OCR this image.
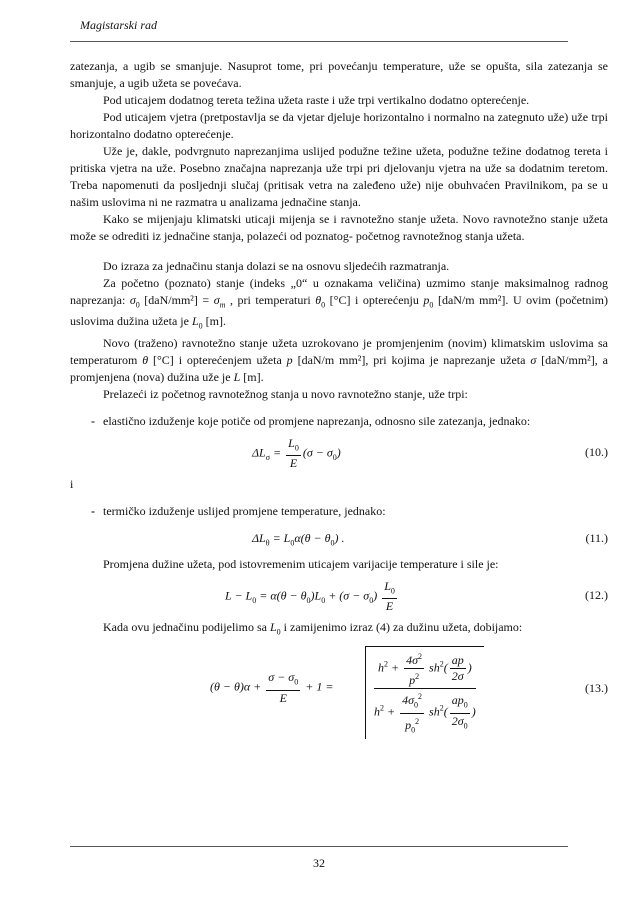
Magistarski rad

zatezanja, a ugib se smanjuje. Nasuprot tome, pri povećanju temperature, uže se opušta, sila zatezanja se smanjuje, a ugib užeta se povećava.

Pod uticajem dodatnog tereta težina užeta raste i uže trpi vertikalno dodatno opterećenje.

Pod uticajem vjetra (pretpostavlja se da vjetar djeluje horizontalno i normalno na zategnuto uže) uže trpi horizontalno dodatno opterećenje.

Uže je, dakle, podvrgnuto naprezanjima uslijed podužne težine užeta, podužne težine dodatnog tereta i pritiska vjetra na uže. Posebno značajna naprezanja uže trpi pri djelovanju vjetra na uže sa dodatnim teretom. Treba napomenuti da posljednji slučaj (pritisak vetra na zaleđeno uže) nije obuhvaćen Pravilnikom, pa se u našim uslovima ni ne razmatra u analizama jednačine stanja.

Kako se mijenjaju klimatski uticaji mijenja se i ravnotežno stanje užeta. Novo ravnotežno stanje užeta može se odrediti iz jednačine stanja, polazeći od poznatog- početnog ravnotežnog stanja užeta.

Do izraza za jednačinu stanja dolazi se na osnovu sljedećih razmatranja.

Za početno (poznato) stanje (indeks „0“ u oznakama veličina) uzmimo stanje maksimalnog radnog naprezanja: $\sigma_0$ $[daN/mm^2] = \sigma_m$ , pri temperaturi $\theta_0$ [°C] i opterećenju $p_0$ [daN/m mm²]. U ovim (početnim) uslovima dužina užeta je $L_0$ [m].

Novo (traženo) ravnotežno stanje užeta uzrokovano je promjenjenim (novim) klimatskim uslovima sa temperaturom θ [°C] i opterećenjem užeta p [daN/m mm²], pri kojima je naprezanje užeta σ [daN/mm²], a promjenjena (nova) dužina uže je L [m].

Prelazeći iz početnog ravnotežnog stanja u novo ravnotežno stanje, uže trpi:

- elastično izduženje koje potiče od promjene naprezanja, odnosno sile zatezanja, jednako:

$\Delta L_\sigma = \frac{L_0}{E} (\sigma - \sigma_0)$	(10.)

i

- termičko izduženje uslijed promjene temperature, jednako:

$\Delta L_\theta = L_0\alpha(\theta - \theta_0)$ .	(11.)

Promjena dužine užeta, pod istovremenim uticajem varijacije temperature i sile je:

$L - L_0 = \alpha(\theta - \theta_0)L_0 + (\sigma - \sigma_0) \frac{L_0}{E}$	(12.)

Kada ovu jednačinu podijelimo sa $L_0$ i zamijenimo izraz (4) za dužinu užeta, dobijamo:

$(\theta - \theta)\alpha + \frac{\sigma - \sigma_0}{E} + 1$ =	$\frac{h^2 + \frac{4\sigma^2}{p^2} sh^2( \frac{ap}{2\sigma} )}{h^2 + \frac{4\sigma_0^2}{p_0^2} sh^2( \frac{ap_0}{2\sigma_0} )}$	(13.)
32
